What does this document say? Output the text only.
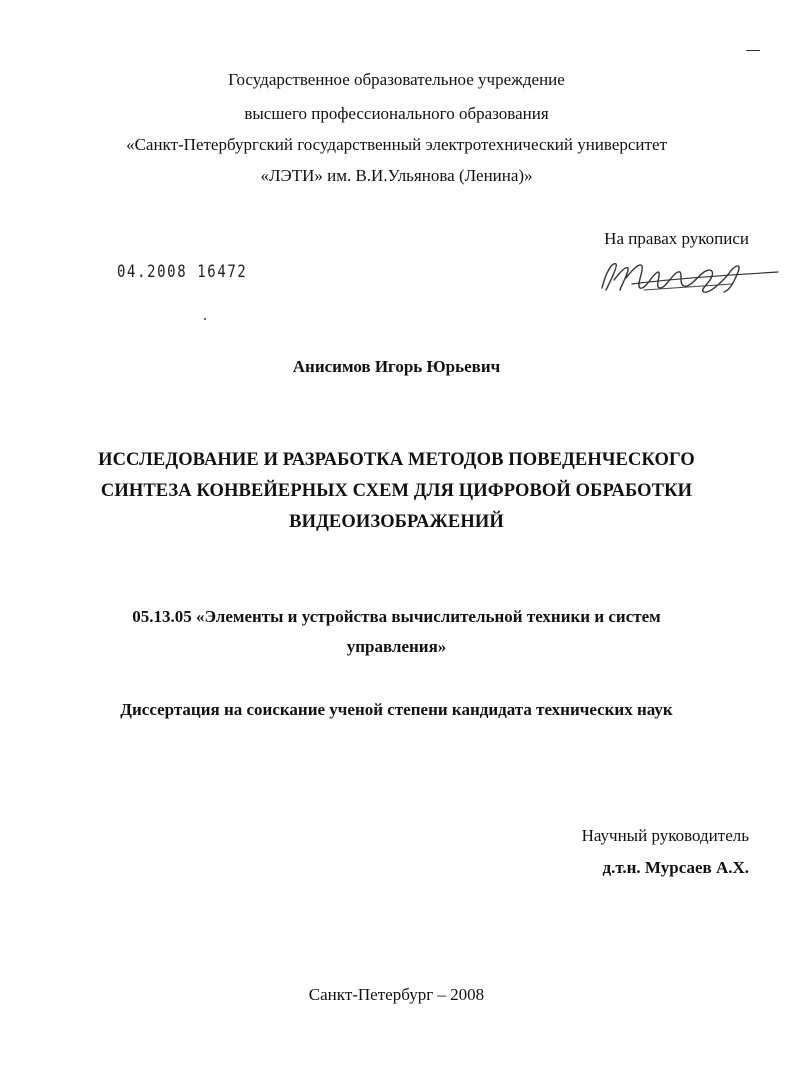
Государственное образовательное учреждение
высшего профессионального образования
«Санкт-Петербургский государственный электротехнический университет
«ЛЭТИ» им. В.И.Ульянова (Ленина)»
На правах рукописи
04.2008 16472
Анисимов Игорь Юрьевич
ИССЛЕДОВАНИЕ И РАЗРАБОТКА МЕТОДОВ ПОВЕДЕНЧЕСКОГО
СИНТЕЗА КОНВЕЙЕРНЫХ СХЕМ ДЛЯ ЦИФРОВОЙ ОБРАБОТКИ
ВИДЕОИЗОБРАЖЕНИЙ
05.13.05 «Элементы и устройства вычислительной техники и систем
управления»
Диссертация на соискание ученой степени кандидата технических наук
Научный руководитель
д.т.н. Мурсаев А.Х.
Санкт-Петербург – 2008
